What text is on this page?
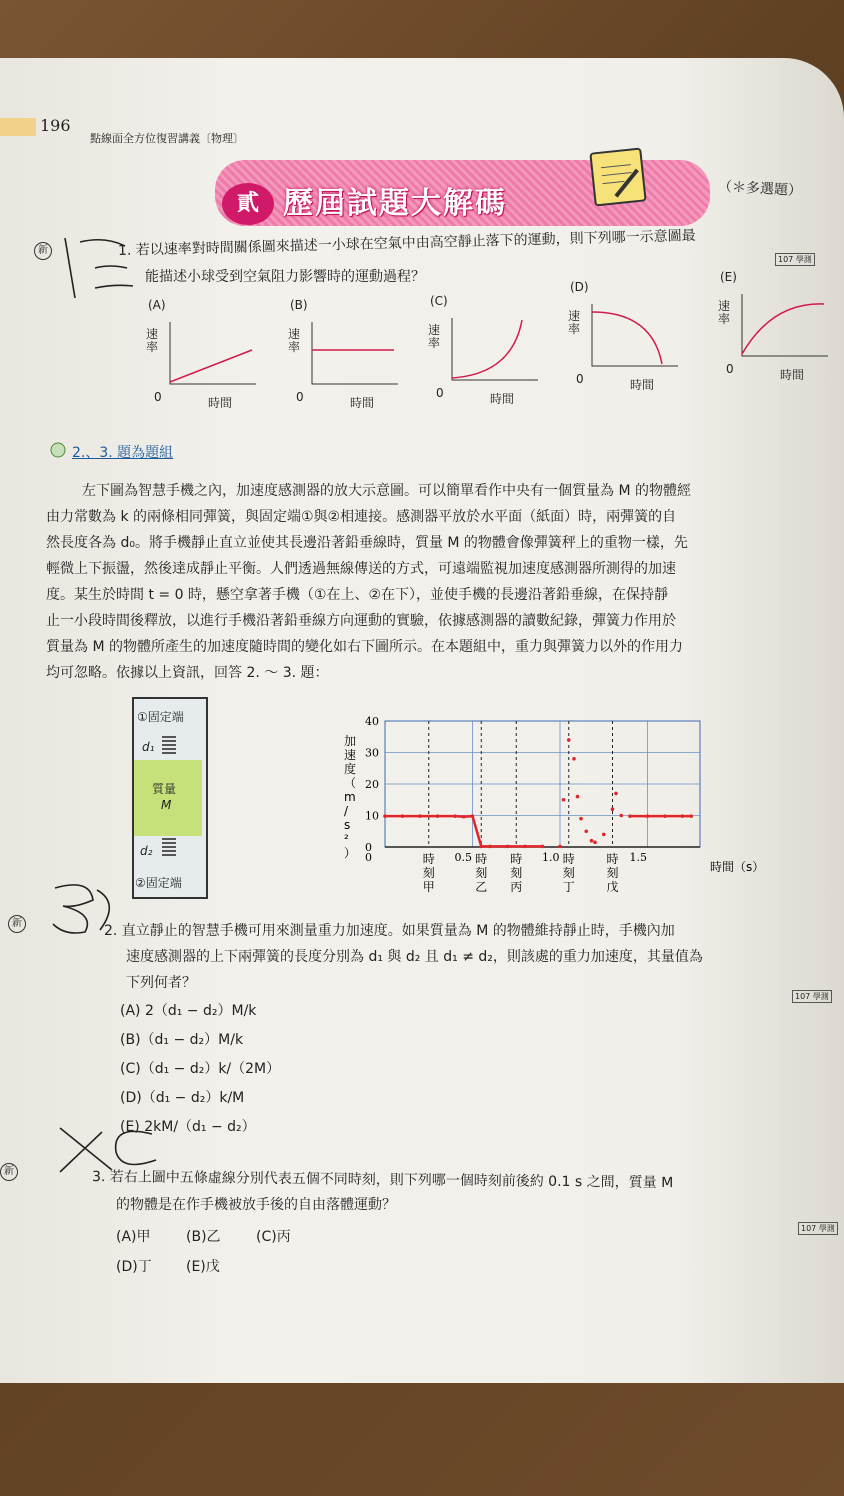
196
點線面全方位復習講義〔物理〕
貳 歷屆試題大解碼	（＊多選題）
新	1. 若以速率對時間關係圖來描述一小球在空氣中由高空靜止落下的運動，則下列哪一示意圖最
能描述小球受到空氣阻力影響時的運動過程？
107 學測
(A)
速率
0	時間
(B)
速率
0	時間
(C)
速率
0	時間
(D)
速率
0	時間
(E)
速率
0	時間
2.、3. 題為題組
左下圖為智慧手機之內，加速度感測器的放大示意圖。可以簡單看作中央有一個質量為 M 的物體經
由力常數為 k 的兩條相同彈簧，與固定端①與②相連接。感測器平放於水平面（紙面）時，兩彈簧的自
然長度各為 d₀。將手機靜止直立並使其長邊沿著鉛垂線時，質量 M 的物體會像彈簧秤上的重物一樣，先
輕微上下振盪，然後達成靜止平衡。人們透過無線傳送的方式，可遠端監視加速度感測器所測得的加速
度。某生於時間 t = 0 時，懸空拿著手機（①在上、②在下），並使手機的長邊沿著鉛垂線，在保持靜
止一小段時間後釋放，以進行手機沿著鉛垂線方向運動的實驗，依據感測器的讀數紀錄，彈簧力作用於
質量為 M 的物體所產生的加速度隨時間的變化如右下圖所示。在本題組中，重力與彈簧力以外的作用力
均可忽略。依據以上資訊，回答 2. ～ 3. 題：
①固定端
d₁
質量
M
d₂
②固定端
40
30
20
10
0
0	0.5	1.0	1.5
加
速
度
（
m
/
s
²
）
時間（s）
時
刻
甲
時
刻
乙
時
刻
丙
時
刻
丁
時
刻
戊
新	2. 直立靜止的智慧手機可用來測量重力加速度。如果質量為 M 的物體維持靜止時，手機內加
速度感測器的上下兩彈簧的長度分別為 d₁ 與 d₂ 且 d₁ ≠ d₂，則該處的重力加速度，其量值為
下列何者？
107 學測
(A) 2（d₁ − d₂）M/k
(B)（d₁ − d₂）M/k
(C)（d₁ − d₂）k/（2M）
(D)（d₁ − d₂）k/M
(E) 2kM/（d₁ − d₂）
新	3. 若右上圖中五條虛線分別代表五個不同時刻，則下列哪一個時刻前後約 0.1 s 之間，質量 M
的物體是在作手機被放手後的自由落體運動？
107 學測
(A)甲	(B)乙	(C)丙
(D)丁 (E)戊
